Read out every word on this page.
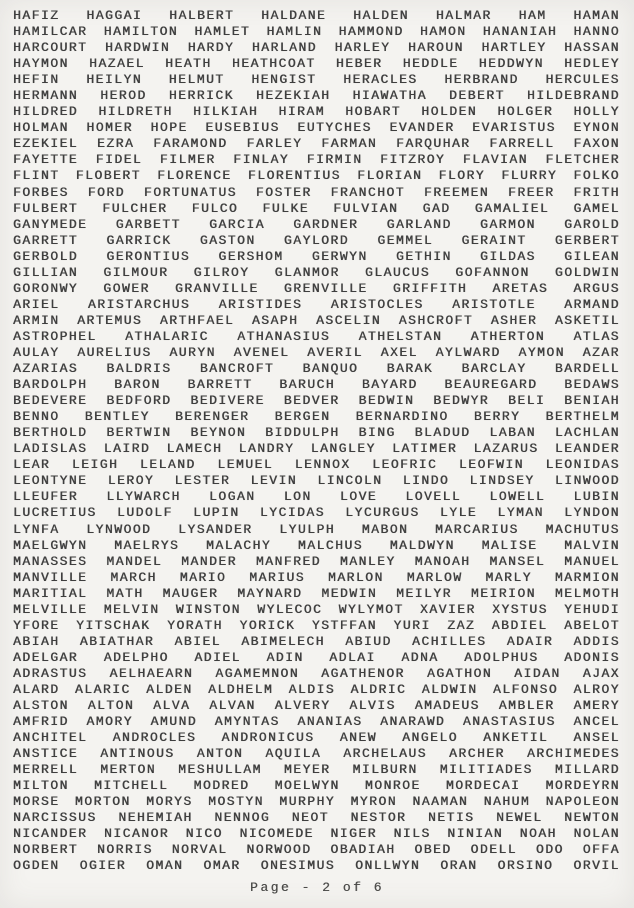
HAFIZ HAGGAI HALBERT HALDANE HALDEN HALMAR HAM HAMAN
HAMILCAR HAMILTON HAMLET HAMLIN HAMMOND HAMON HANANIAH HANNO
HARCOURT HARDWIN HARDY HARLAND HARLEY HAROUN HARTLEY HASSAN
HAYMON HAZAEL HEATH HEATHCOAT HEBER HEDDLE HEDDWYN HEDLEY
HEFIN HEILYN HELMUT HENGIST HERACLES HERBRAND HERCULES
HERMANN HEROD HERRICK HEZEKIAH HIAWATHA DEBERT HILDEBRAND
HILDRED HILDRETH HILKIAH HIRAM HOBART HOLDEN HOLGER HOLLY
HOLMAN HOMER HOPE EUSEBIUS EUTYCHES EVANDER EVARISTUS EYNON
EZEKIEL EZRA FARAMOND FARLEY FARMAN FARQUHAR FARRELL FAXON
FAYETTE FIDEL FILMER FINLAY FIRMIN FITZROY FLAVIAN FLETCHER
FLINT FLOBERT FLORENCE FLORENTIUS FLORIAN FLORY FLURRY FOLKO
FORBES FORD FORTUNATUS FOSTER FRANCHOT FREEMEN FREER FRITH
FULBERT FULCHER FULCO FULKE FULVIAN GAD GAMALIEL GAMEL
GANYMEDE GARBETT GARCIA GARDNER GARLAND GARMON GAROLD
GARRETT GARRICK GASTON GAYLORD GEMMEL GERAINT GERBERT
GERBOLD GERONTIUS GERSHOM GERWYN GETHIN GILDAS GILEAN
GILLIAN GILMOUR GILROY GLANMOR GLAUCUS GOFANNON GOLDWIN
GORONWY GOWER GRANVILLE GRENVILLE GRIFFITH ARETAS ARGUS
ARIEL ARISTARCHUS ARISTIDES ARISTOCLES ARISTOTLE ARMAND
ARMIN ARTEMUS ARTHFAEL ASAPH ASCELIN ASHCROFT ASHER ASKETIL
ASTROPHEL ATHALARIC ATHANASIUS ATHELSTAN ATHERTON ATLAS
AULAY AURELIUS AURYN AVENEL AVERIL AXEL AYLWARD AYMON AZAR
AZARIAS BALDRIS BANCROFT BANQUO BARAK BARCLAY BARDELL
BARDOLPH BARON BARRETT BARUCH BAYARD BEAUREGARD BEDAWS
BEDEVERE BEDFORD BEDIVERE BEDVER BEDWIN BEDWYR BELI BENIAH
BENNO BENTLEY BERENGER BERGEN BERNARDINO BERRY BERTHELM
BERTHOLD BERTWIN BEYNON BIDDULPH BING BLADUD LABAN LACHLAN
LADISLAS LAIRD LAMECH LANDRY LANGLEY LATIMER LAZARUS LEANDER
LEAR LEIGH LELAND LEMUEL LENNOX LEOFRIC LEOFWIN LEONIDAS
LEONTYNE LEROY LESTER LEVIN LINCOLN LINDO LINDSEY LINWOOD
LLEUFER LLYWARCH LOGAN LON LOVE LOVELL LOWELL LUBIN
LUCRETIUS LUDOLF LUPIN LYCIDAS LYCURGUS LYLE LYMAN LYNDON
LYNFA LYNWOOD LYSANDER LYULPH MABON MARCARIUS MACHUTUS
MAELGWYN MAELRYS MALACHY MALCHUS MALDWYN MALISE MALVIN
MANASSES MANDEL MANDER MANFRED MANLEY MANOAH MANSEL MANUEL
MANVILLE MARCH MARIO MARIUS MARLON MARLOW MARLY MARMION
MARITIAL MATH MAUGER MAYNARD MEDWIN MEILYR MEIRION MELMOTH
MELVILLE MELVIN WINSTON WYLECOC WYLYMOT XAVIER XYSTUS YEHUDI
YFORE YITSCHAK YORATH YORICK YSTFFAN YURI ZAZ ABDIEL ABELOT
ABIAH ABIATHAR ABIEL ABIMELECH ABIUD ACHILLES ADAIR ADDIS
ADELGAR ADELPHO ADIEL ADIN ADLAI ADNA ADOLPHUS ADONIS
ADRASTUS AELHAEARN AGAMEMNON AGATHENOR AGATHON AIDAN AJAX
ALARD ALARIC ALDEN ALDHELM ALDIS ALDRIC ALDWIN ALFONSO ALROY
ALSTON ALTON ALVA ALVAN ALVERY ALVIS AMADEUS AMBLER AMERY
AMFRID AMORY AMUND AMYNTAS ANANIAS ANARAWD ANASTASIUS ANCEL
ANCHITEL ANDROCLES ANDRONICUS ANEW ANGELO ANKETIL ANSEL
ANSTICE ANTINOUS ANTON AQUILA ARCHELAUS ARCHER ARCHIMEDES
MERRELL MERTON MESHULLAM MEYER MILBURN MILITIADES MILLARD
MILTON MITCHELL MODRED MOELWYN MONROE MORDECAI MORDEYRN
MORSE MORTON MORYS MOSTYN MURPHY MYRON NAAMAN NAHUM NAPOLEON
NARCISSUS NEHEMIAH NENNOG NEOT NESTOR NETIS NEWEL NEWTON
NICANDER NICANOR NICO NICOMEDE NIGER NILS NINIAN NOAH NOLAN
NORBERT NORRIS NORVAL NORWOOD OBADIAH OBED ODELL ODO OFFA
OGDEN OGIER OMAN OMAR ONESIMUS ONLLWYN ORAN ORSINO ORVIL
Page - 2 of 6
